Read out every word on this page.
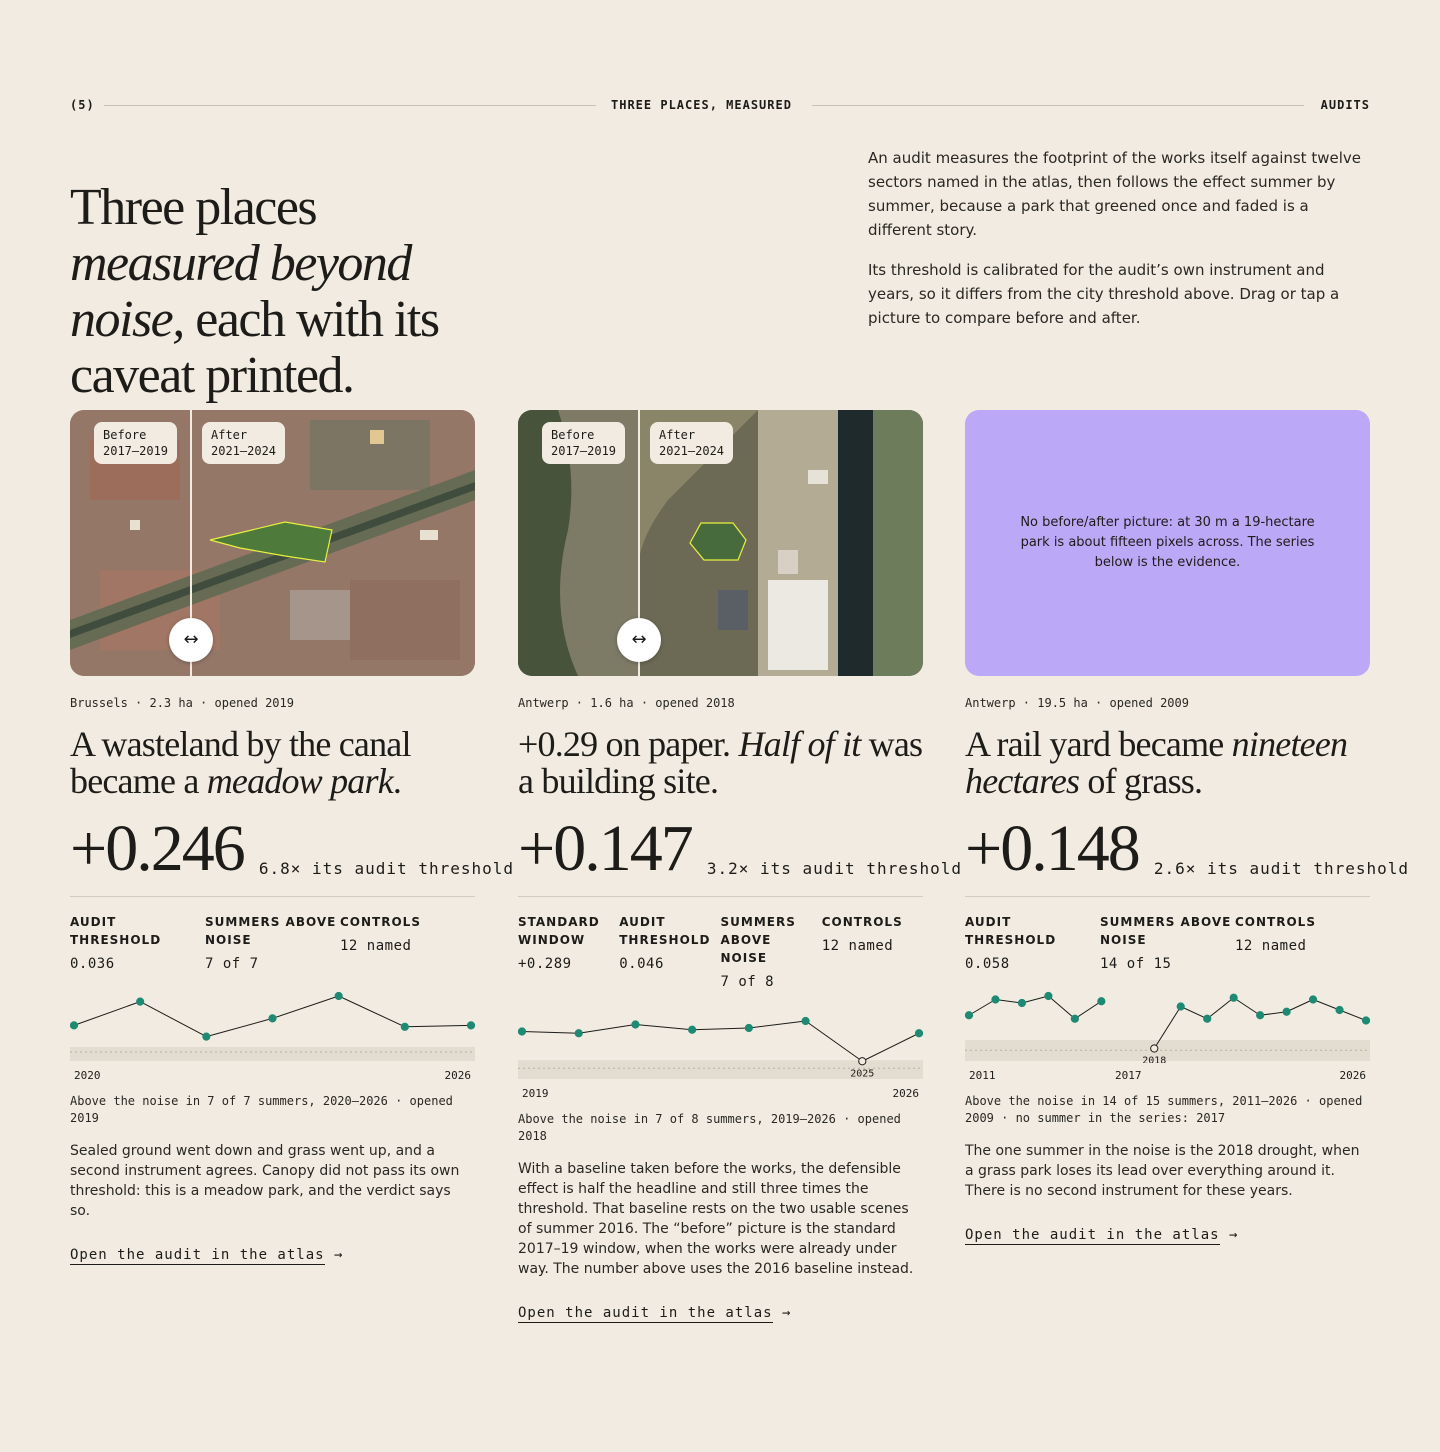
(5)	THREE PLACES, MEASURED	AUDITS
Three places measured beyond noise, each with its caveat printed.

An audit measures the footprint of the works itself against twelve sectors named in the atlas, then follows the effect summer by summer, because a park that greened once and faded is a different story.

Its threshold is calibrated for the audit’s own instrument and years, so it differs from the city threshold above. Drag or tap a picture to compare before and after.

Before
2017–2019
After
2021–2024
↔
Brussels · 2.3 ha · opened 2019
A wasteland by the canal became a meadow park.
+0.246 6.8× its audit threshold
AUDIT THRESHOLD
0.036
SUMMERS ABOVE NOISE
7 of 7
CONTROLS
12 named
2020	2026
Above the noise in 7 of 7 summers, 2020–2026 · opened 2019
Sealed ground went down and grass went up, and a second instrument agrees. Canopy did not pass its own threshold: this is a meadow park, and the verdict says so.
Open the audit in the atlas →
Before
2017–2019
After
2021–2024
↔
Antwerp · 1.6 ha · opened 2018
+0.29 on paper. Half of it was a building site.
+0.147 3.2× its audit threshold
STANDARD WINDOW
+0.289
AUDIT THRESHOLD
0.046
SUMMERS ABOVE NOISE
7 of 8
CONTROLS
12 named
2025
2019	2026
Above the noise in 7 of 8 summers, 2019–2026 · opened 2018
With a baseline taken before the works, the defensible effect is half the headline and still three times the threshold. That baseline rests on the two usable scenes of summer 2016. The “before” picture is the standard 2017–19 window, when the works were already under way. The number above uses the 2016 baseline instead.
Open the audit in the atlas →
No before/after picture: at 30 m a 19-hectare park is about fifteen pixels across. The series below is the evidence.
Antwerp · 19.5 ha · opened 2009
A rail yard became nineteen hectares of grass.
+0.148 2.6× its audit threshold
AUDIT THRESHOLD
0.058
SUMMERS ABOVE NOISE
14 of 15
CONTROLS
12 named
2018
2011	2017	2026
Above the noise in 14 of 15 summers, 2011–2026 · opened 2009 · no summer in the series: 2017
The one summer in the noise is the 2018 drought, when a grass park loses its lead over everything around it. There is no second instrument for these years.
Open the audit in the atlas →
